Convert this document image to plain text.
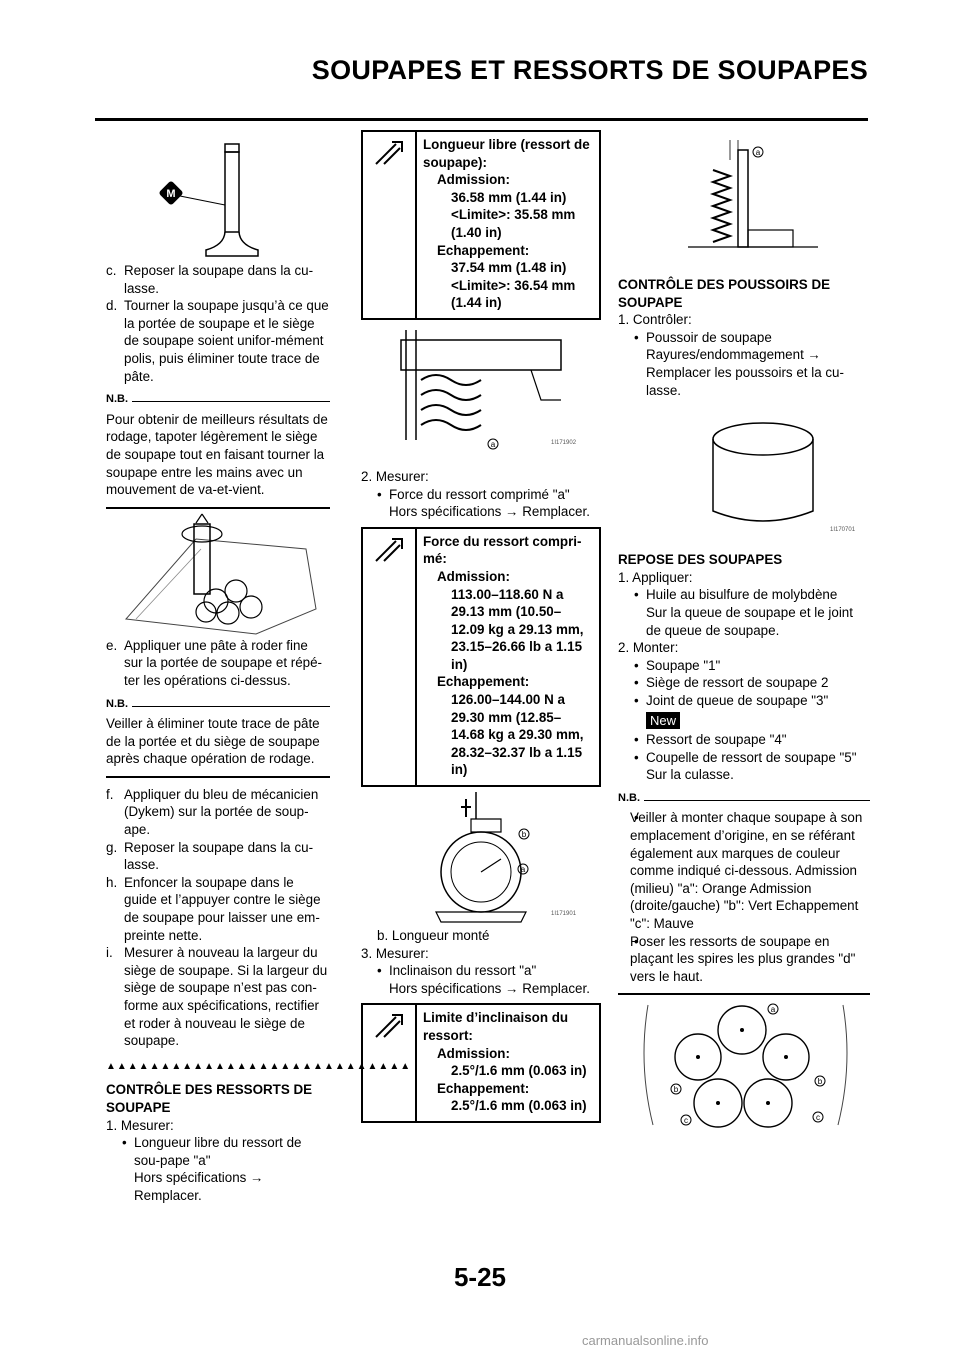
SOUPAPES ET RESSORTS DE SOUPAPES
M
c. Reposer la soupape dans la cu-lasse.
d. Tourner la soupape jusqu’à ce que la portée de soupape et le siège de soupape soient unifor-mément polis, puis éliminer toute trace de pâte.
N.B.
Pour obtenir de meilleurs résultats de rodage, tapoter légèrement le siège de soupape tout en faisant tourner la soupape entre les mains avec un mouvement de va-et-vient.
e. Appliquer une pâte à roder fine sur la portée de soupape et répé-ter les opérations ci-dessus.
N.B.
Veiller à éliminer toute trace de pâte de la portée et du siège de soupape après chaque opération de rodage.
f. Appliquer du bleu de mécanicien (Dykem) sur la portée de soup-ape.
g. Reposer la soupape dans la cu-lasse.
h. Enfoncer la soupape dans le guide et l’appuyer contre le siège de soupape pour laisser une em-preinte nette.
i. Mesurer à nouveau la largeur du siège de soupape. Si la largeur du siège de soupape n’est pas con-forme aux spécifications, rectifier et roder à nouveau le siège de soupape.
▲▲▲▲▲▲▲▲▲▲▲▲▲▲▲▲▲▲▲▲▲▲▲▲▲▲▲▲
CONTRÔLE DES RESSORTS DE SOUPAPE
1. Mesurer:
• Longueur libre du ressort de sou-pape "a"
Hors spécifications → Remplacer.
Longueur libre (ressort de soupape):
Admission:
36.58 mm (1.44 in)
<Limite>: 35.58 mm (1.40 in)
Echappement:
37.54 mm (1.48 in)
<Limite>: 36.54 mm (1.44 in)
a	1I171902
2. Mesurer:
• Force du ressort comprimé "a"
Hors spécifications → Remplacer.
Force du ressort compri-mé:
Admission:
113.00–118.60 N a 29.13 mm (10.50–12.09 kg a 29.13 mm, 23.15–26.66 lb a 1.15 in)
Echappement:
126.00–144.00 N a 29.30 mm (12.85–14.68 kg a 29.30 mm, 28.32–32.37 lb a 1.15 in)
b
a
1I171901
b. Longueur monté
3. Mesurer:
• Inclinaison du ressort "a"
Hors spécifications → Remplacer.
Limite d’inclinaison du ressort:
Admission:
2.5°/1.6 mm (0.063 in)
Echappement:
2.5°/1.6 mm (0.063 in)
a
CONTRÔLE DES POUSSOIRS DE SOUPAPE
1. Contrôler:
• Poussoir de soupape
Rayures/endommagement → Remplacer les poussoirs et la cu-lasse.
1I170701
REPOSE DES SOUPAPES
1. Appliquer:
• Huile au bisulfure de molybdène
Sur la queue de soupape et le joint de queue de soupape.
2. Monter:
• Soupape "1"
• Siège de ressort de soupape 2
• Joint de queue de soupape "3"
New
• Ressort de soupape "4"
• Coupelle de ressort de soupape "5"
Sur la culasse.
N.B.
• Veiller à monter chaque soupape à son emplacement d’origine, en se référant également aux marques de couleur comme indiqué ci-dessous. Admission (milieu) "a": Orange Admission (droite/gauche) "b": Vert Echappement "c": Mauve
• Poser les ressorts de soupape en plaçant les spires les plus grandes "d" vers le haut.
a
b
b
c	c
5-25
carmanualsonline.info
